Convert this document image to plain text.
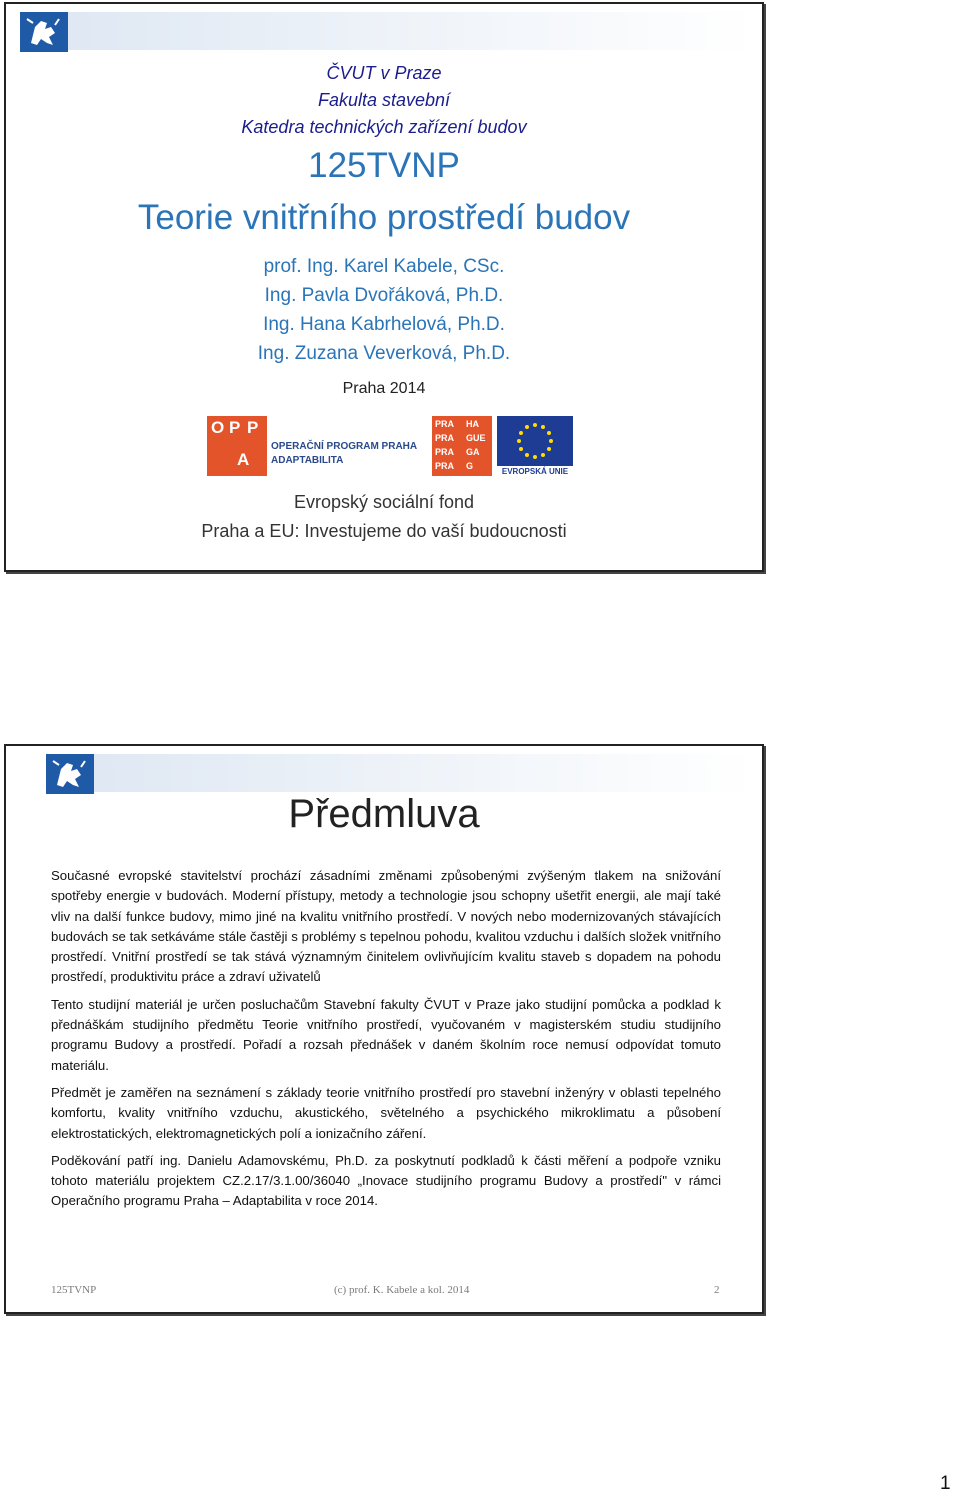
ČVUT v Praze
Fakulta stavební
Katedra technických zařízení budov
125TVNP
Teorie vnitřního prostředí budov
prof. Ing. Karel Kabele, CSc.
Ing. Pavla Dvořáková, Ph.D.
Ing. Hana Kabrhelová, Ph.D.
Ing. Zuzana Veverková, Ph.D.
Praha 2014
O P P
A
OPERAČNÍ PROGRAM PRAHA
ADAPTABILITA
PRA HA
PRA GUE
PRA GA
PRA G
EVROPSKÁ UNIE
Evropský sociální fond
Praha a EU: Investujeme do vaší budoucnosti
Předmluva

Současné evropské stavitelství prochází zásadními změnami způsobenými zvýšeným tlakem na snižování spotřeby energie v budovách. Moderní přístupy, metody a technologie jsou schopny ušetřit energii, ale mají také vliv na další funkce budovy, mimo jiné na kvalitu vnitřního prostředí. V nových nebo modernizovaných stávajících budovách se tak setkáváme stále častěji s problémy s tepelnou pohodu, kvalitou vzduchu i dalších složek vnitřního prostředí. Vnitřní prostředí se tak stává významným činitelem ovlivňujícím kvalitu staveb s dopadem na pohodu prostředí, produktivitu práce a zdraví uživatelů

Tento studijní materiál je určen posluchačům Stavební fakulty ČVUT v Praze jako studijní pomůcka a podklad k přednáškám studijního předmětu Teorie vnitřního prostředí, vyučovaném v magisterském studiu studijního programu Budovy a prostředí. Pořadí a rozsah přednášek v daném školním roce nemusí odpovídat tomuto materiálu.

Předmět je zaměřen na seznámení s základy teorie vnitřního prostředí pro stavební inženýry v oblasti tepelného komfortu, kvality vnitřního vzduchu, akustického, světelného a psychického mikroklimatu a působení elektrostatických, elektromagnetických polí a ionizačního záření.

Poděkování patří ing. Danielu Adamovskému, Ph.D. za poskytnutí podkladů k části měření a podpoře vzniku tohoto materiálu projektem CZ.2.17/3.1.00/36040 „Inovace studijního programu Budovy a prostředí" v rámci Operačního programu Praha – Adaptabilita v roce 2014.

125TVNP	(c) prof. K. Kabele a kol. 2014	2
1
